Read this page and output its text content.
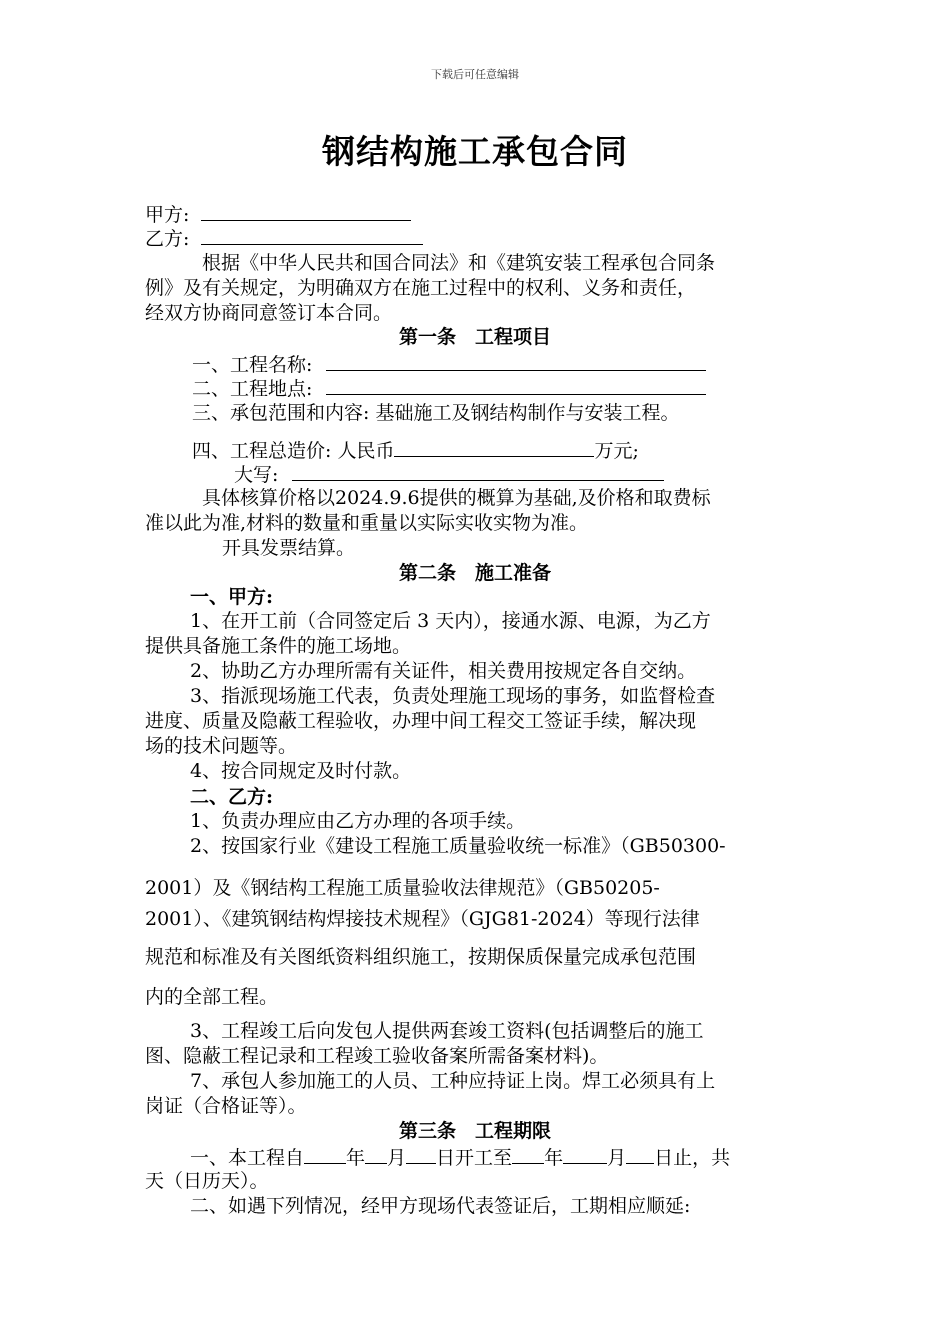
下载后可任意编辑
钢结构施工承包合同
甲方:
乙方:
根据《中华人民共和国合同法》和《建筑安装工程承包合同条
例》及有关规定，为明确双方在施工过程中的权利、义务和责任，
经双方协商同意签订本合同。
第一条　工程项目
一、工程名称:
二、工程地点:
三、承包范围和内容: 基础施工及钢结构制作与安装工程。
四、工程总造价: 人民币	万元;
大写:
具体核算价格以2024.9.6提供的概算为基础,及价格和取费标
准以此为准,材料的数量和重量以实际实收实物为准。
开具发票结算。
第二条　施工准备
一、甲方:
1、在开工前（合同签定后 3 天内），接通水源、电源，为乙方
提供具备施工条件的施工场地。
2、协助乙方办理所需有关证件，相关费用按规定各自交纳。
3、指派现场施工代表，负责处理施工现场的事务，如监督检查
进度、质量及隐蔽工程验收，办理中间工程交工签证手续，解决现
场的技术问题等。
4、按合同规定及时付款。
二、乙方:
1、负责办理应由乙方办理的各项手续。
2、按国家行业《建设工程施工质量验收统一标准》（GB50300-
2001）及《钢结构工程施工质量验收法律规范》（GB50205-
2001）、《建筑钢结构焊接技术规程》（GJG81-2024）等现行法律
规范和标准及有关图纸资料组织施工，按期保质保量完成承包范围
内的全部工程。
3、工程竣工后向发包人提供两套竣工资料(包括调整后的施工
图、隐蔽工程记录和工程竣工验收备案所需备案材料)。
7、承包人参加施工的人员、工种应持证上岗。焊工必须具有上
岗证（合格证等）。
第三条　工程期限
一、本工程自 年 月 日开工至 年 月 日止，共
天（日历天）。
二、如遇下列情况，经甲方现场代表签证后，工期相应顺延:
